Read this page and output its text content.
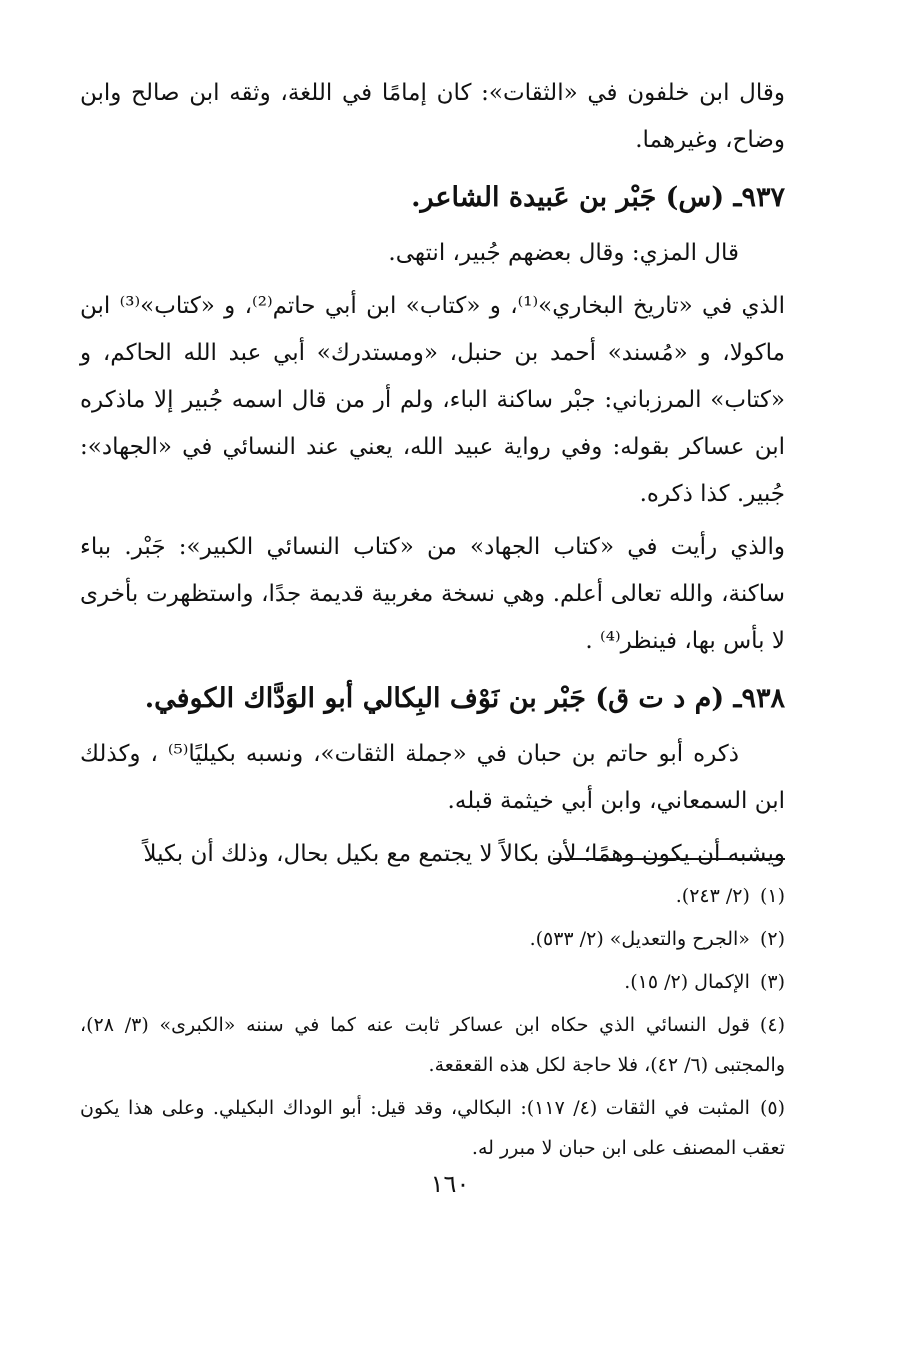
وقال ابن خلفون في «الثقات»: كان إمامًا في اللغة، وثقه ابن صالح وابن وضاح، وغيرهما.

٩٣٧ـ (س) جَبْر بن عَبيدة الشاعر.

قال المزي: وقال بعضهم جُبير، انتهى.

الذي في «تاريخ البخاري»⁽¹⁾، و «كتاب» ابن أبي حاتم⁽²⁾، و «كتاب»⁽³⁾ ابن ماكولا، و «مُسند» أحمد بن حنبل، «ومستدرك» أبي عبد الله الحاكم، و «كتاب» المرزباني: جبْر ساكنة الباء، ولم أر من قال اسمه جُبير إلا ماذكره ابن عساكر بقوله: وفي رواية عبيد الله، يعني عند النسائي في «الجهاد»: جُبير. كذا ذكره.

والذي رأيت في «كتاب الجهاد» من «كتاب النسائي الكبير»: جَبْر. بباء ساكنة، والله تعالى أعلم. وهي نسخة مغربية قديمة جدًا، واستظهرت بأخرى لا بأس بها، فينظر⁽⁴⁾ .

٩٣٨ـ (م د ت ق) جَبْر بن نَوْف البِكالي أبو الوَدَّاك الكوفي.

ذكره أبو حاتم بن حبان في «جملة الثقات»، ونسبه بكيليًا⁽⁵⁾ ، وكذلك ابن السمعاني، وابن أبي خيثمة قبله.

ويشبه أن يكون وهمًا؛ لأن بكالاً لا يجتمع مع بكيل بحال، وذلك أن بكيلاً

(١)(٢/ ٢٤٣).

(٢)«الجرح والتعديل» (٢/ ٥٣٣).

(٣)الإكمال (٢/ ١٥).

(٤)قول النسائي الذي حكاه ابن عساكر ثابت عنه كما في سننه «الكبرى» (٣/ ٢٨)، والمجتبى (٦/ ٤٢)، فلا حاجة لكل هذه القعقعة.

(٥)المثبت في الثقات (٤/ ١١٧): البكالي، وقد قيل: أبو الوداك البكيلي. وعلى هذا يكون تعقب المصنف على ابن حبان لا مبرر له.

١٦٠
